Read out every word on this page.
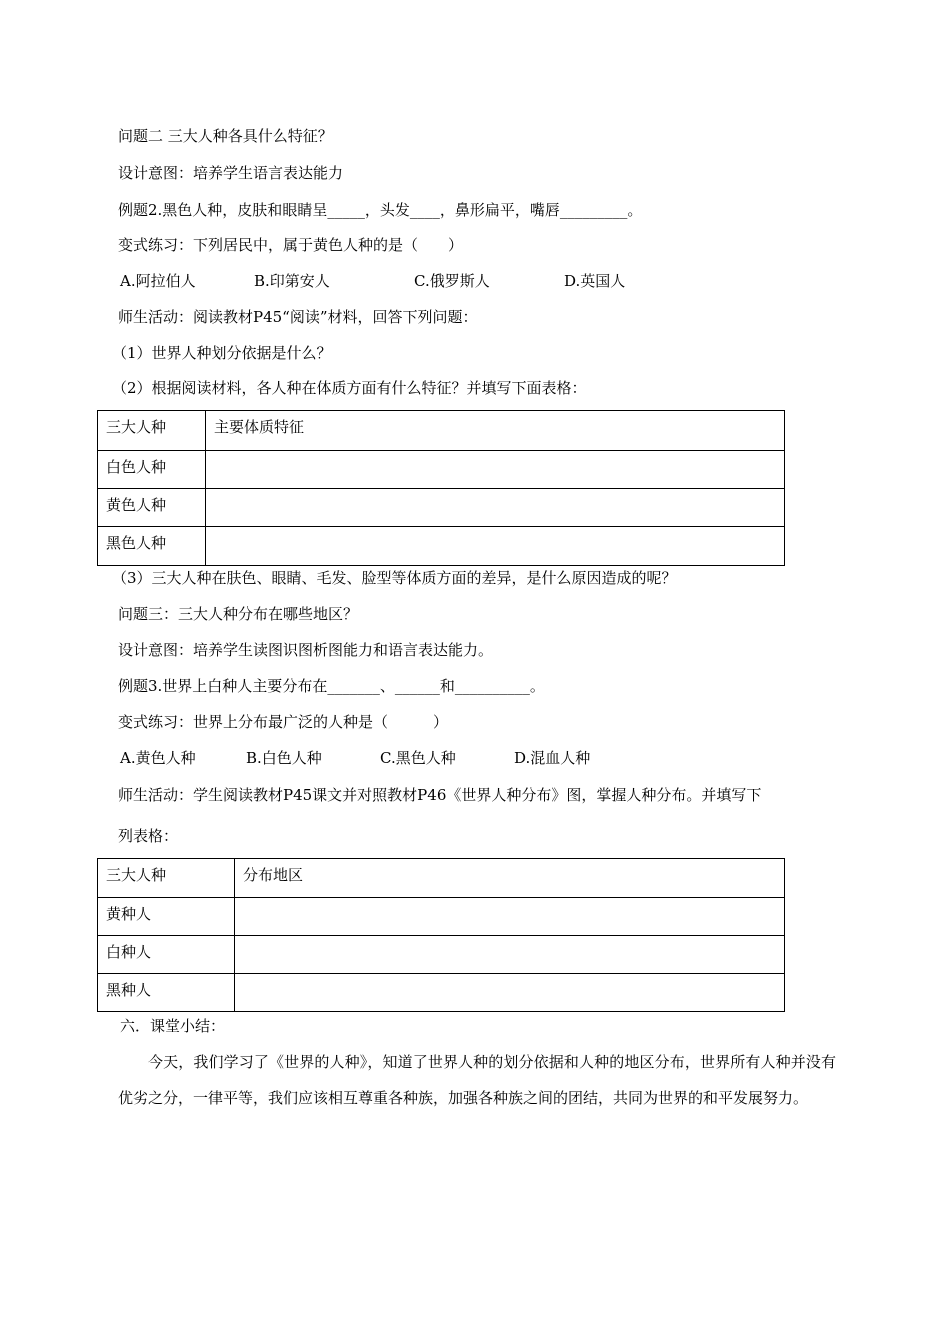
问题二 三大人种各具什么特征？
设计意图：培养学生语言表达能力
例题2.黑色人种，皮肤和眼睛呈_____，头发____，鼻形扁平，嘴唇_________。
变式练习：下列居民中，属于黄色人种的是（　　）
A.阿拉伯人	B.印第安人	C.俄罗斯人	D.英国人
师生活动：阅读教材P45“阅读”材料，回答下列问题：
（1）世界人种划分依据是什么？
（2）根据阅读材料，各人种在体质方面有什么特征？并填写下面表格：
三大人种	主要体质特征
白色人种	
黄色人种	
黑色人种	
（3）三大人种在肤色、眼睛、毛发、脸型等体质方面的差异，是什么原因造成的呢？
问题三：三大人种分布在哪些地区？
设计意图：培养学生读图识图析图能力和语言表达能力。
例题3.世界上白种人主要分布在_______、______和__________。
变式练习：世界上分布最广泛的人种是（　　　）
A.黄色人种	B.白色人种	C.黑色人种	D.混血人种
师生活动：学生阅读教材P45课文并对照教材P46《世界人种分布》图，掌握人种分布。并填写下
列表格：
三大人种	分布地区
黄种人	
白种人	
黑种人	
六．课堂小结：
今天，我们学习了《世界的人种》，知道了世界人种的划分依据和人种的地区分布，世界所有人种并没有优劣之分，一律平等，我们应该相互尊重各种族，加强各种族之间的团结，共同为世界的和平发展努力。
